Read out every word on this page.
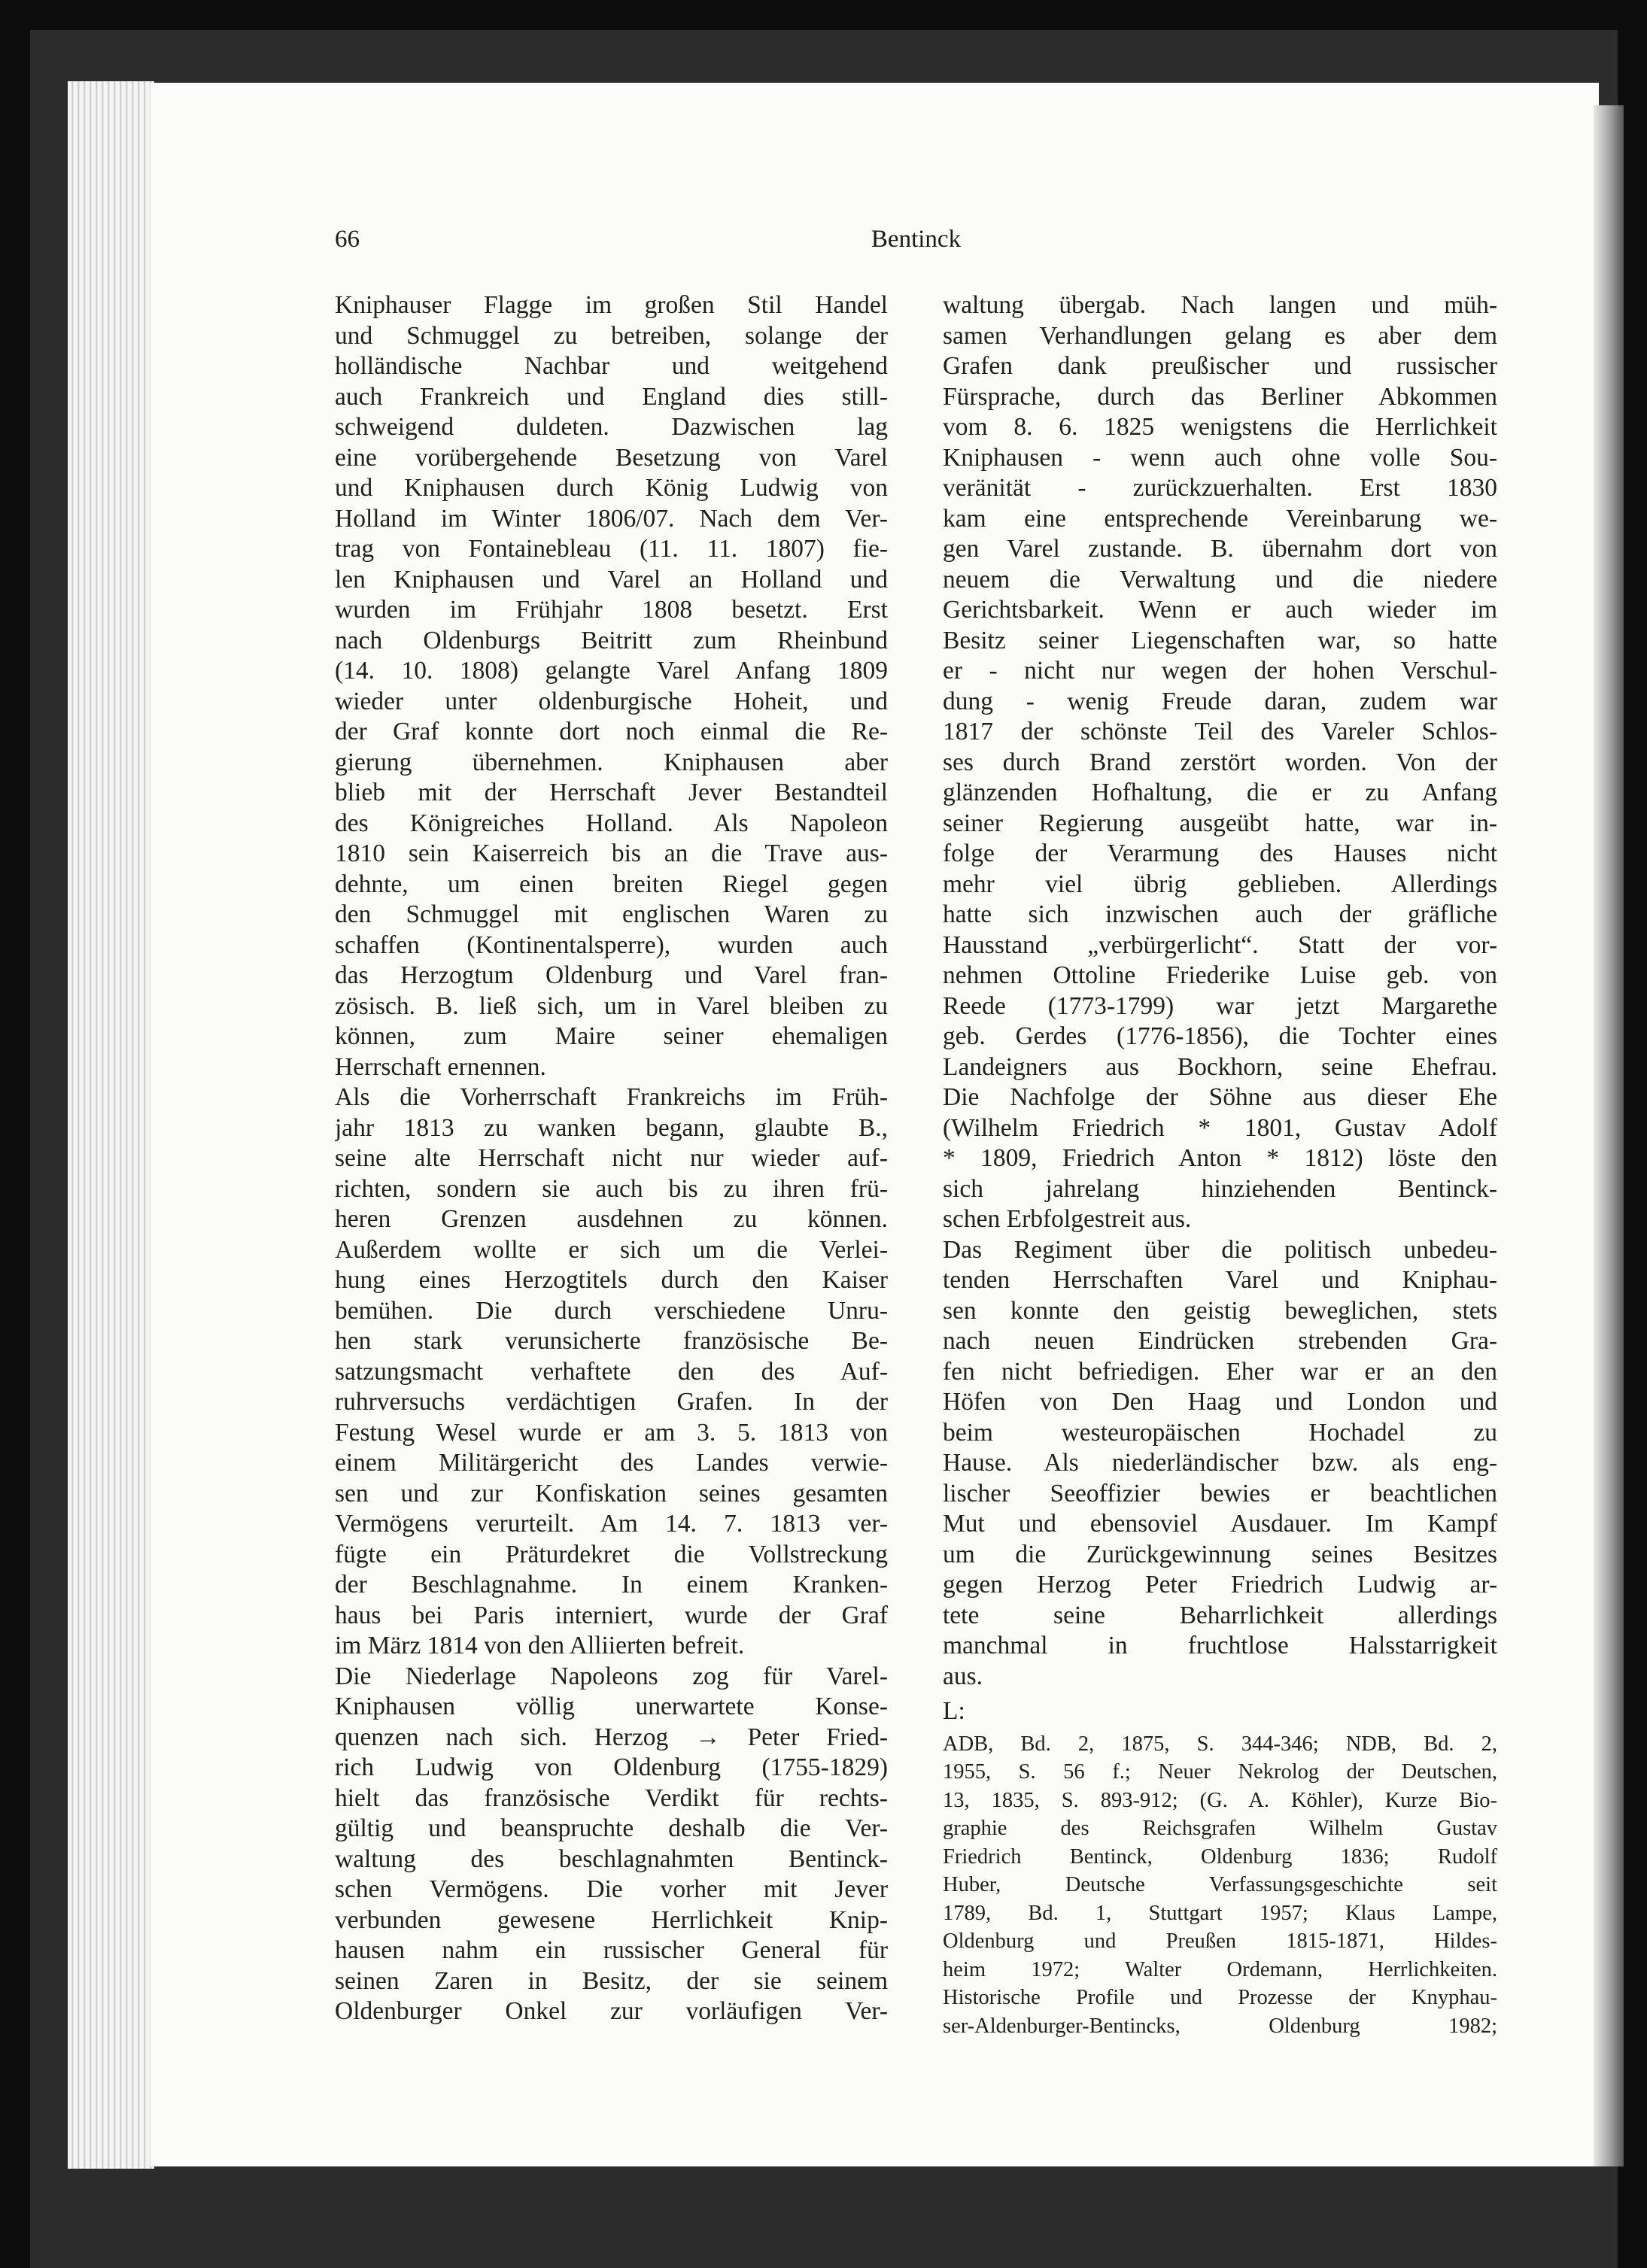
66	Bentinck
Kniphauser Flagge im großen Stil Handel
und Schmuggel zu betreiben, solange der
holländische Nachbar und weitgehend
auch Frankreich und England dies still-
schweigend duldeten. Dazwischen lag
eine vorübergehende Besetzung von Varel
und Kniphausen durch König Ludwig von
Holland im Winter 1806/07. Nach dem Ver-
trag von Fontainebleau (11. 11. 1807) fie-
len Kniphausen und Varel an Holland und
wurden im Frühjahr 1808 besetzt. Erst
nach Oldenburgs Beitritt zum Rheinbund
(14. 10. 1808) gelangte Varel Anfang 1809
wieder unter oldenburgische Hoheit, und
der Graf konnte dort noch einmal die Re-
gierung übernehmen. Kniphausen aber
blieb mit der Herrschaft Jever Bestandteil
des Königreiches Holland. Als Napoleon
1810 sein Kaiserreich bis an die Trave aus-
dehnte, um einen breiten Riegel gegen
den Schmuggel mit englischen Waren zu
schaffen (Kontinentalsperre), wurden auch
das Herzogtum Oldenburg und Varel fran-
zösisch. B. ließ sich, um in Varel bleiben zu
können, zum Maire seiner ehemaligen
Herrschaft ernennen.
Als die Vorherrschaft Frankreichs im Früh-
jahr 1813 zu wanken begann, glaubte B.,
seine alte Herrschaft nicht nur wieder auf-
richten, sondern sie auch bis zu ihren frü-
heren Grenzen ausdehnen zu können.
Außerdem wollte er sich um die Verlei-
hung eines Herzogtitels durch den Kaiser
bemühen. Die durch verschiedene Unru-
hen stark verunsicherte französische Be-
satzungsmacht verhaftete den des Auf-
ruhrversuchs verdächtigen Grafen. In der
Festung Wesel wurde er am 3. 5. 1813 von
einem Militärgericht des Landes verwie-
sen und zur Konfiskation seines gesamten
Vermögens verurteilt. Am 14. 7. 1813 ver-
fügte ein Präturdekret die Vollstreckung
der Beschlagnahme. In einem Kranken-
haus bei Paris interniert, wurde der Graf
im März 1814 von den Alliierten befreit.
Die Niederlage Napoleons zog für Varel-
Kniphausen völlig unerwartete Konse-
quenzen nach sich. Herzog → Peter Fried-
rich Ludwig von Oldenburg (1755-1829)
hielt das französische Verdikt für rechts-
gültig und beanspruchte deshalb die Ver-
waltung des beschlagnahmten Bentinck-
schen Vermögens. Die vorher mit Jever
verbunden gewesene Herrlichkeit Knip-
hausen nahm ein russischer General für
seinen Zaren in Besitz, der sie seinem
Oldenburger Onkel zur vorläufigen Ver-
waltung übergab. Nach langen und müh-
samen Verhandlungen gelang es aber dem
Grafen dank preußischer und russischer
Fürsprache, durch das Berliner Abkommen
vom 8. 6. 1825 wenigstens die Herrlichkeit
Kniphausen - wenn auch ohne volle Sou-
veränität - zurückzuerhalten. Erst 1830
kam eine entsprechende Vereinbarung we-
gen Varel zustande. B. übernahm dort von
neuem die Verwaltung und die niedere
Gerichtsbarkeit. Wenn er auch wieder im
Besitz seiner Liegenschaften war, so hatte
er - nicht nur wegen der hohen Verschul-
dung - wenig Freude daran, zudem war
1817 der schönste Teil des Vareler Schlos-
ses durch Brand zerstört worden. Von der
glänzenden Hofhaltung, die er zu Anfang
seiner Regierung ausgeübt hatte, war in-
folge der Verarmung des Hauses nicht
mehr viel übrig geblieben. Allerdings
hatte sich inzwischen auch der gräfliche
Hausstand „verbürgerlicht“. Statt der vor-
nehmen Ottoline Friederike Luise geb. von
Reede (1773-1799) war jetzt Margarethe
geb. Gerdes (1776-1856), die Tochter eines
Landeigners aus Bockhorn, seine Ehefrau.
Die Nachfolge der Söhne aus dieser Ehe
(Wilhelm Friedrich * 1801, Gustav Adolf
* 1809, Friedrich Anton * 1812) löste den
sich jahrelang hinziehenden Bentinck-
schen Erbfolgestreit aus.
Das Regiment über die politisch unbedeu-
tenden Herrschaften Varel und Kniphau-
sen konnte den geistig beweglichen, stets
nach neuen Eindrücken strebenden Gra-
fen nicht befriedigen. Eher war er an den
Höfen von Den Haag und London und
beim westeuropäischen Hochadel zu
Hause. Als niederländischer bzw. als eng-
lischer Seeoffizier bewies er beachtlichen
Mut und ebensoviel Ausdauer. Im Kampf
um die Zurückgewinnung seines Besitzes
gegen Herzog Peter Friedrich Ludwig ar-
tete seine Beharrlichkeit allerdings
manchmal in fruchtlose Halsstarrigkeit
aus.
L:
ADB, Bd. 2, 1875, S. 344-346; NDB, Bd. 2,
1955, S. 56 f.; Neuer Nekrolog der Deutschen,
13, 1835, S. 893-912; (G. A. Köhler), Kurze Bio-
graphie des Reichsgrafen Wilhelm Gustav
Friedrich Bentinck, Oldenburg 1836; Rudolf
Huber, Deutsche Verfassungsgeschichte seit
1789, Bd. 1, Stuttgart 1957; Klaus Lampe,
Oldenburg und Preußen 1815-1871, Hildes-
heim 1972; Walter Ordemann, Herrlichkeiten.
Historische Profile und Prozesse der Knyphau-
ser-Aldenburger-Bentincks, Oldenburg 1982;
